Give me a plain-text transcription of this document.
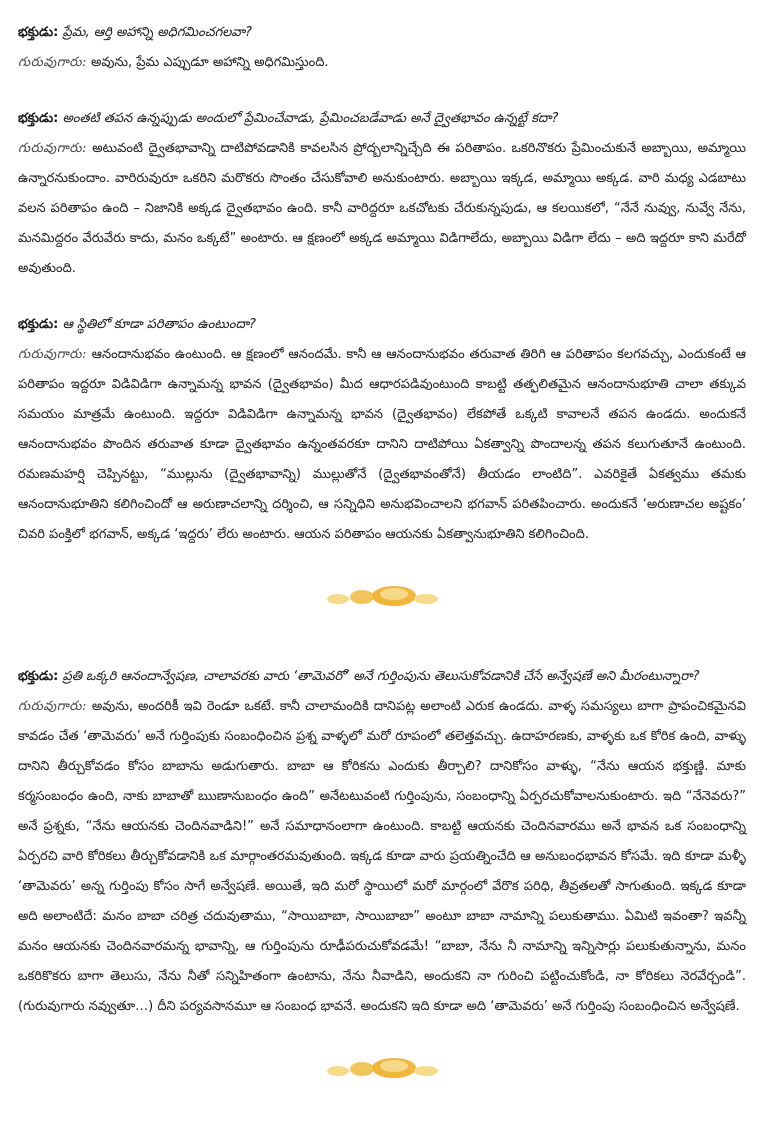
భక్తుడు: ప్రేమ, ఆర్తి అహాన్ని అధిగమించగలవా?
గురువుగారు: అవును, ప్రేమ ఎప్పుడూ అహాన్ని అధిగమిస్తుంది.
భక్తుడు: అంతటి తపన ఉన్నప్పుడు అందులో ప్రేమించేవాడు, ప్రేమించబడేవాడు అనే ద్వైతభావం ఉన్నట్టే కదా?
గురువుగారు: అటువంటి ద్వైతభావాన్ని దాటిపోవడానికి కావలసిన ప్రోద్బలాన్నిచ్చేది ఈ పరితాపం. ఒకరినొకరు ప్రేమించుకునే అబ్బాయి, అమ్మాయి ఉన్నారనుకుందాం. వారిరువురూ ఒకరిని మరొకరు సొంతం చేసుకోవాలి అనుకుంటారు. అబ్బాయి ఇక్కడ, అమ్మాయి అక్కడ. వారి మధ్య ఎడబాటు వలన పరితాపం ఉంది – నిజానికి అక్కడ ద్వైతభావం ఉంది. కానీ వారిద్దరూ ఒకచోటకు చేరుకున్నపుడు, ఆ కలయికలో, “నేనే నువ్వు, నువ్వే నేను, మనమిద్దరం వేరువేరు కాదు, మనం ఒక్కటే” అంటారు. ఆ క్షణంలో అక్కడ అమ్మాయి విడిగాలేదు, అబ్బాయి విడిగా లేదు – అది ఇద్దరూ కాని మరేదో అవుతుంది.
భక్తుడు: ఆ స్థితిలో కూడా పరితాపం ఉంటుందా?
గురువుగారు: ఆనందానుభవం ఉంటుంది. ఆ క్షణంలో ఆనందమే. కానీ ఆ ఆనందానుభవం తరువాత తిరిగి ఆ పరితాపం కలగవచ్చు, ఎందుకంటే ఆ పరితాపం ఇద్దరూ విడివిడిగా ఉన్నామన్న భావన (ద్వైతభావం) మీద ఆధారపడివుంటుంది కాబట్టి తత్ఫలితమైన ఆనందానుభూతి చాలా తక్కువ సమయం మాత్రమే ఉంటుంది. ఇద్దరూ విడివిడిగా ఉన్నామన్న భావన (ద్వైతభావం) లేకపోతే ఒక్కటి కావాలనే తపన ఉండదు. అందుకనే ఆనందానుభవం పొందిన తరువాత కూడా ద్వైతభావం ఉన్నంతవరకూ దానిని దాటిపోయి ఏకత్వాన్ని పొందాలన్న తపన కలుగుతూనే ఉంటుంది. రమణమహర్షి చెప్పినట్టు, “ముల్లును (ద్వైతభావాన్ని) ముల్లుతోనే (ద్వైతభావంతోనే) తీయడం లాంటిది”. ఎవరికైతే ఏకత్వము తమకు ఆనందానుభూతిని కలిగించిందో ఆ అరుణాచలాన్ని దర్శించి, ఆ సన్నిధిని అనుభవించాలని భగవాన్ పరితపించారు. అందుకనే ‘అరుణాచల అష్టకం’ చివరి పంక్తిలో భగవాన్, అక్కడ ‘ఇద్దరు’ లేరు అంటారు. ఆయన పరితాపం ఆయనకు ఏకత్వానుభూతిని కలిగించింది.
భక్తుడు: ప్రతి ఒక్కరి ఆనందాన్వేషణ, చాలావరకు వారు ‘తామెవరో’ అనే గుర్తింపును తెలుసుకోవడానికి చేసే అన్వేషణే అని మీరంటున్నారా?
గురువుగారు: అవును, అందరికీ ఇవి రెండూ ఒకటే. కానీ చాలామందికి దానిపట్ల అలాంటి ఎరుక ఉండదు. వాళ్ళ సమస్యలు బాగా ప్రాపంచికమైనవి కావడం చేత ‘తామెవరు’ అనే గుర్తింపుకు సంబంధించిన ప్రశ్న వాళ్ళలో మరో రూపంలో తలెత్తవచ్చు. ఉదాహరణకు, వాళ్ళకు ఒక కోరిక ఉంది, వాళ్ళు దానిని తీర్చుకోవడం కోసం బాబాను అడుగుతారు. బాబా ఆ కోరికను ఎందుకు తీర్చాలి? దానికోసం వాళ్ళు, “నేను ఆయన భక్తుణ్ణి. మాకు కర్మసంబంధం ఉంది, నాకు బాబాతో ఋణానుబంధం ఉంది” అనేటటువంటి గుర్తింపును, సంబంధాన్ని ఏర్పరచుకోవాలనుకుంటారు. ఇది “నేనెవరు?” అనే ప్రశ్నకు, “నేను ఆయనకు చెందినవాడిని!” అనే సమాధానంలాగా ఉంటుంది. కాబట్టి ఆయనకు చెందినవారము అనే భావన ఒక సంబంధాన్ని ఏర్పరచి వారి కోరికలు తీర్చుకోవడానికి ఒక మార్గాంతరమవుతుంది. ఇక్కడ కూడా వారు ప్రయత్నించేది ఆ అనుబంధభావన కోసమే. ఇది కూడా మళ్ళీ ‘తామెవరు’ అన్న గుర్తింపు కోసం సాగే అన్వేషణే. అయితే, ఇది మరో స్థాయిలో మరో మార్గంలో వేరొక పరిధి, తీవ్రతలతో సాగుతుంది. ఇక్కడ కూడా అది అలాంటిదే: మనం బాబా చరిత్ర చదువుతాము, “సాయిబాబా, సాయిబాబా” అంటూ బాబా నామాన్ని పలుకుతాము. ఏమిటి ఇవంతా? ఇవన్నీ మనం ఆయనకు చెందినవారమన్న భావాన్ని, ఆ గుర్తింపును రూఢీపరుచుకోవడమే! “బాబా, నేను నీ నామాన్ని ఇన్నిసార్లు పలుకుతున్నాను, మనం ఒకరికొకరు బాగా తెలుసు, నేను నీతో సన్నిహితంగా ఉంటాను, నేను నీవాడిని, అందుకని నా గురించి పట్టించుకోండి, నా కోరికలు నెరవేర్చండి”. (గురువుగారు నవ్వుతూ…) దీని పర్యవసానమూ ఆ సంబంధ భావనే. అందుకని ఇది కూడా అది ‘తామెవరు’ అనే గుర్తింపు సంబంధించిన అన్వేషణే.
